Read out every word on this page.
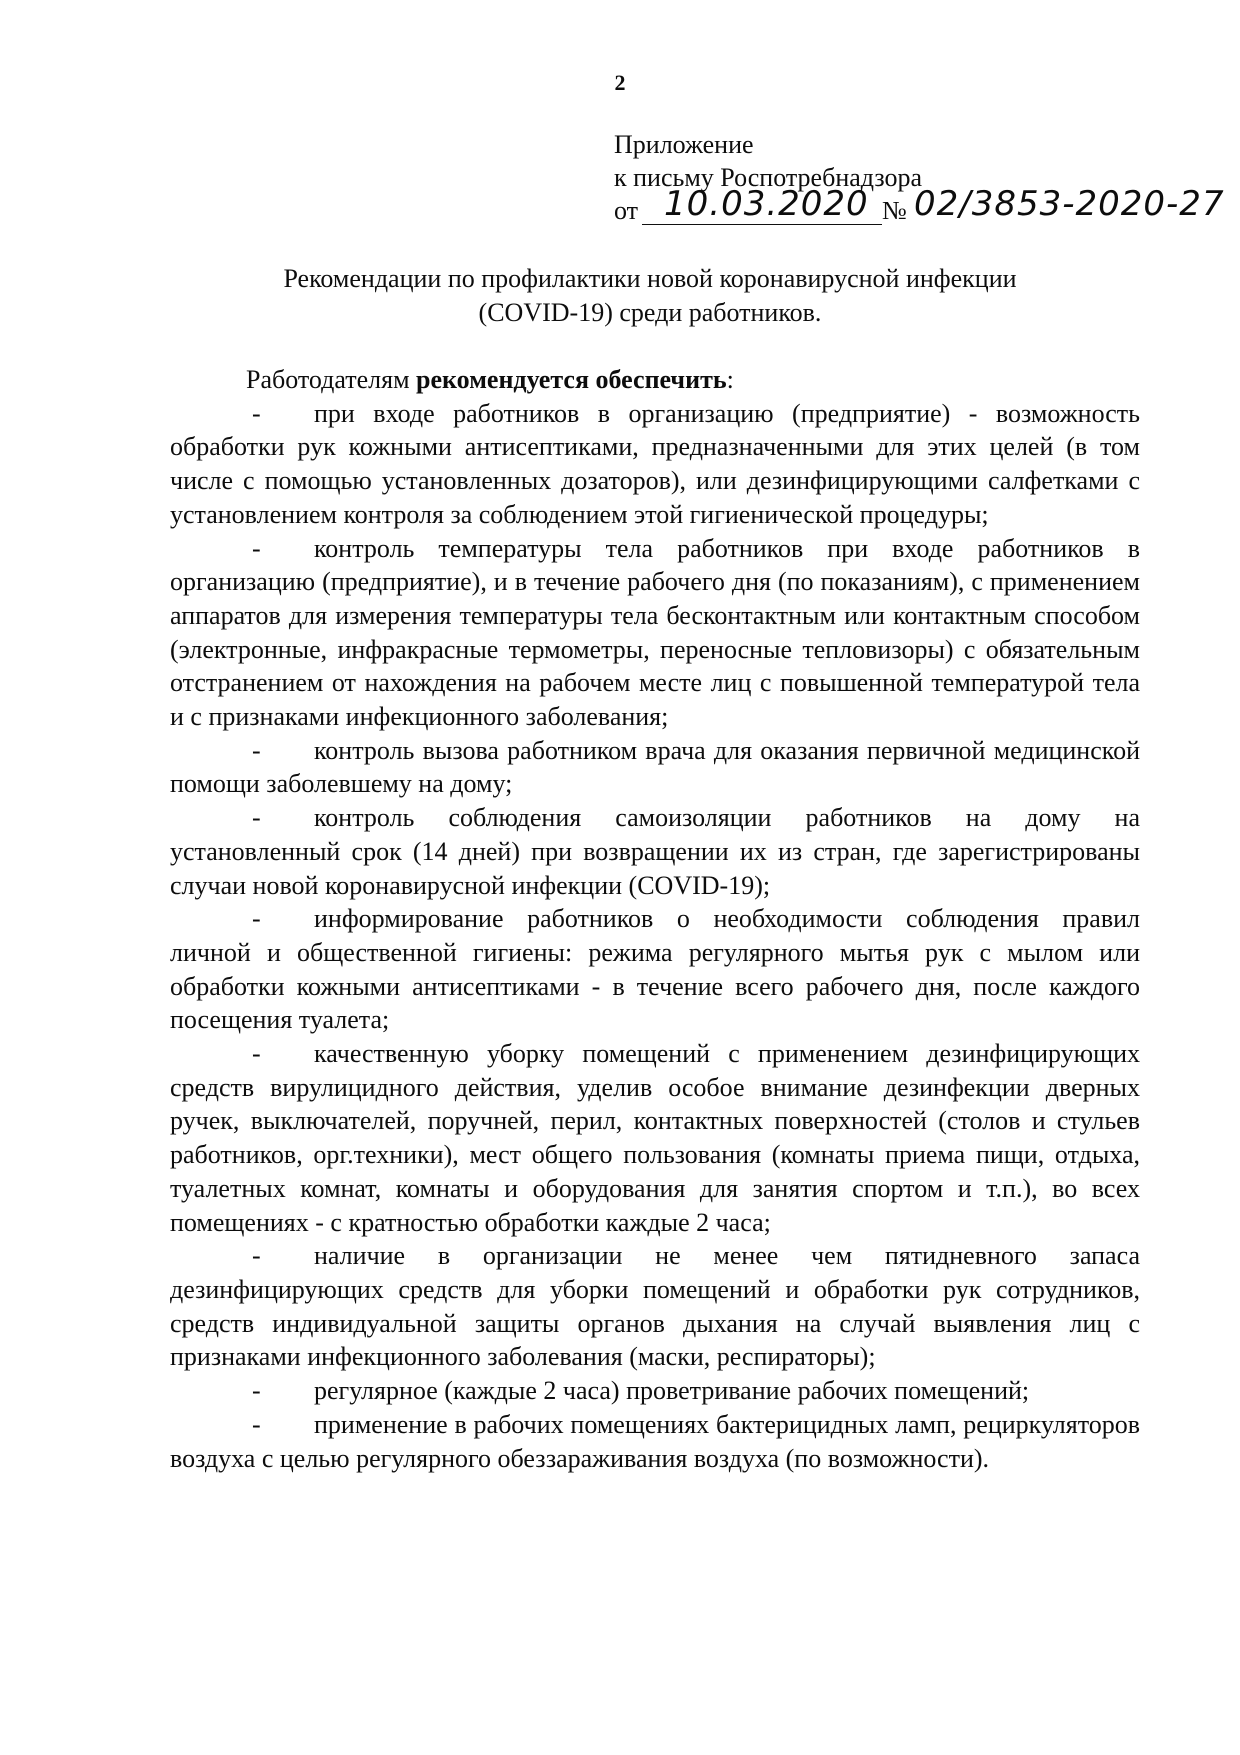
2
Приложение
к письму Роспотребнадзора
от 10.03.2020 № 02/3853-2020-27
Рекомендации по профилактики новой коронавирусной инфекции
(COVID-19) среди работников.

Работодателям рекомендуется обеспечить:

- при входе работников в организацию (предприятие) - возможность обработки рук кожными антисептиками, предназначенными для этих целей (в том числе с помощью установленных дозаторов), или дезинфицирующими салфетками с установлением контроля за соблюдением этой гигиенической процедуры;

- контроль температуры тела работников при входе работников в организацию (предприятие), и в течение рабочего дня (по показаниям), с применением аппаратов для измерения температуры тела бесконтактным или контактным способом (электронные, инфракрасные термометры, переносные тепловизоры) с обязательным отстранением от нахождения на рабочем месте лиц с повышенной температурой тела и с признаками инфекционного заболевания;

- контроль вызова работником врача для оказания первичной медицинской помощи заболевшему на дому;

- контроль соблюдения самоизоляции работников на дому на установленный срок (14 дней) при возвращении их из стран, где зарегистрированы случаи новой коронавирусной инфекции (COVID-19);

- информирование работников о необходимости соблюдения правил личной и общественной гигиены: режима регулярного мытья рук с мылом или обработки кожными антисептиками - в течение всего рабочего дня, после каждого посещения туалета;

- качественную уборку помещений с применением дезинфицирующих средств вирулицидного действия, уделив особое внимание дезинфекции дверных ручек, выключателей, поручней, перил, контактных поверхностей (столов и стульев работников, орг.техники), мест общего пользования (комнаты приема пищи, отдыха, туалетных комнат, комнаты и оборудования для занятия спортом и т.п.), во всех помещениях - с кратностью обработки каждые 2 часа;

- наличие в организации не менее чем пятидневного запаса дезинфицирующих средств для уборки помещений и обработки рук сотрудников, средств индивидуальной защиты органов дыхания на случай выявления лиц с признаками инфекционного заболевания (маски, респираторы);

- регулярное (каждые 2 часа) проветривание рабочих помещений;

- применение в рабочих помещениях бактерицидных ламп, рециркуляторов воздуха с целью регулярного обеззараживания воздуха (по возможности).
